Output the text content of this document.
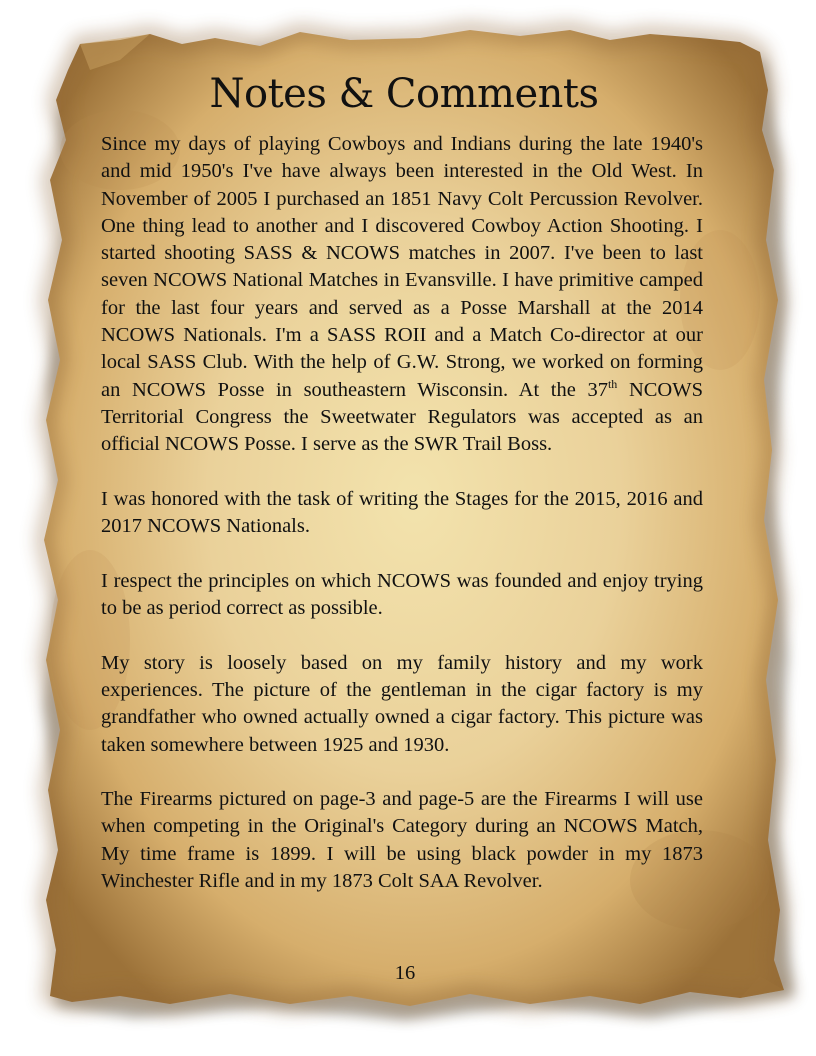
Notes & Comments

Since my days of playing Cowboys and Indians during the late 1940's and mid 1950's I've have always been interested in the Old West. In November of 2005 I purchased an 1851 Navy Colt Percussion Revolver. One thing lead to another and I discovered Cowboy Action Shooting. I started shooting SASS & NCOWS matches in 2007. I've been to last seven NCOWS National Matches in Evansville. I have primitive camped for the last four years and served as a Posse Marshall at the 2014 NCOWS Nationals. I'm a SASS ROII and a Match Co-director at our local SASS Club. With the help of G.W. Strong, we worked on forming an NCOWS Posse in southeastern Wisconsin. At the 37th NCOWS Territorial Congress the Sweetwater Regulators was accepted as an official NCOWS Posse. I serve as the SWR Trail Boss.

I was honored with the task of writing the Stages for the 2015, 2016 and 2017 NCOWS Nationals.

I respect the principles on which NCOWS was founded and enjoy trying to be as period correct as possible.

My story is loosely based on my family history and my work experiences. The picture of the gentleman in the cigar factory is my grandfather who owned actually owned a cigar factory. This picture was taken somewhere between 1925 and 1930.

The Firearms pictured on page-3 and page-5 are the Firearms I will use when competing in the Original's Category during an NCOWS Match, My time frame is 1899. I will be using black powder in my 1873 Winchester Rifle and in my 1873 Colt SAA Revolver.

16
